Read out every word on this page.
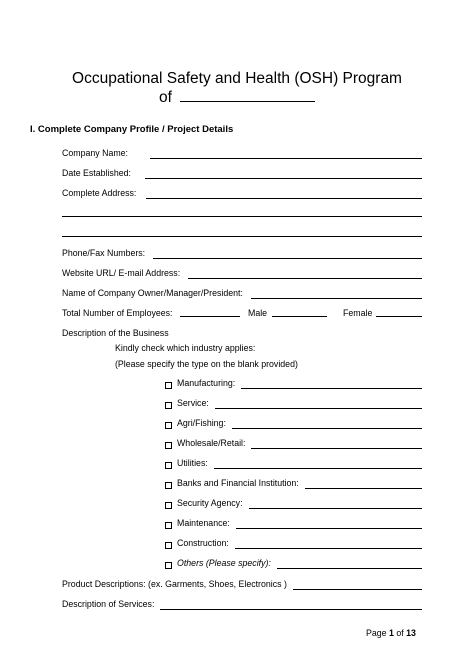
Occupational Safety and Health (OSH) Program
of
I. Complete Company Profile / Project Details
Company Name:
Date Established:
Complete Address:
Phone/Fax Numbers:
Website URL/ E-mail Address:
Name of Company Owner/Manager/President:
Total Number of Employees:	Male	Female
Description of the Business
Kindly check which industry applies:
(Please specify the type on the blank provided)
Manufacturing:
Service:
Agri/Fishing:
Wholesale/Retail:
Utilities:
Banks and Financial Institution:
Security Agency:
Maintenance:
Construction:
Others (Please specify):
Product Descriptions: (ex. Garments, Shoes, Electronics )
Description of Services:
Page 1 of 13
